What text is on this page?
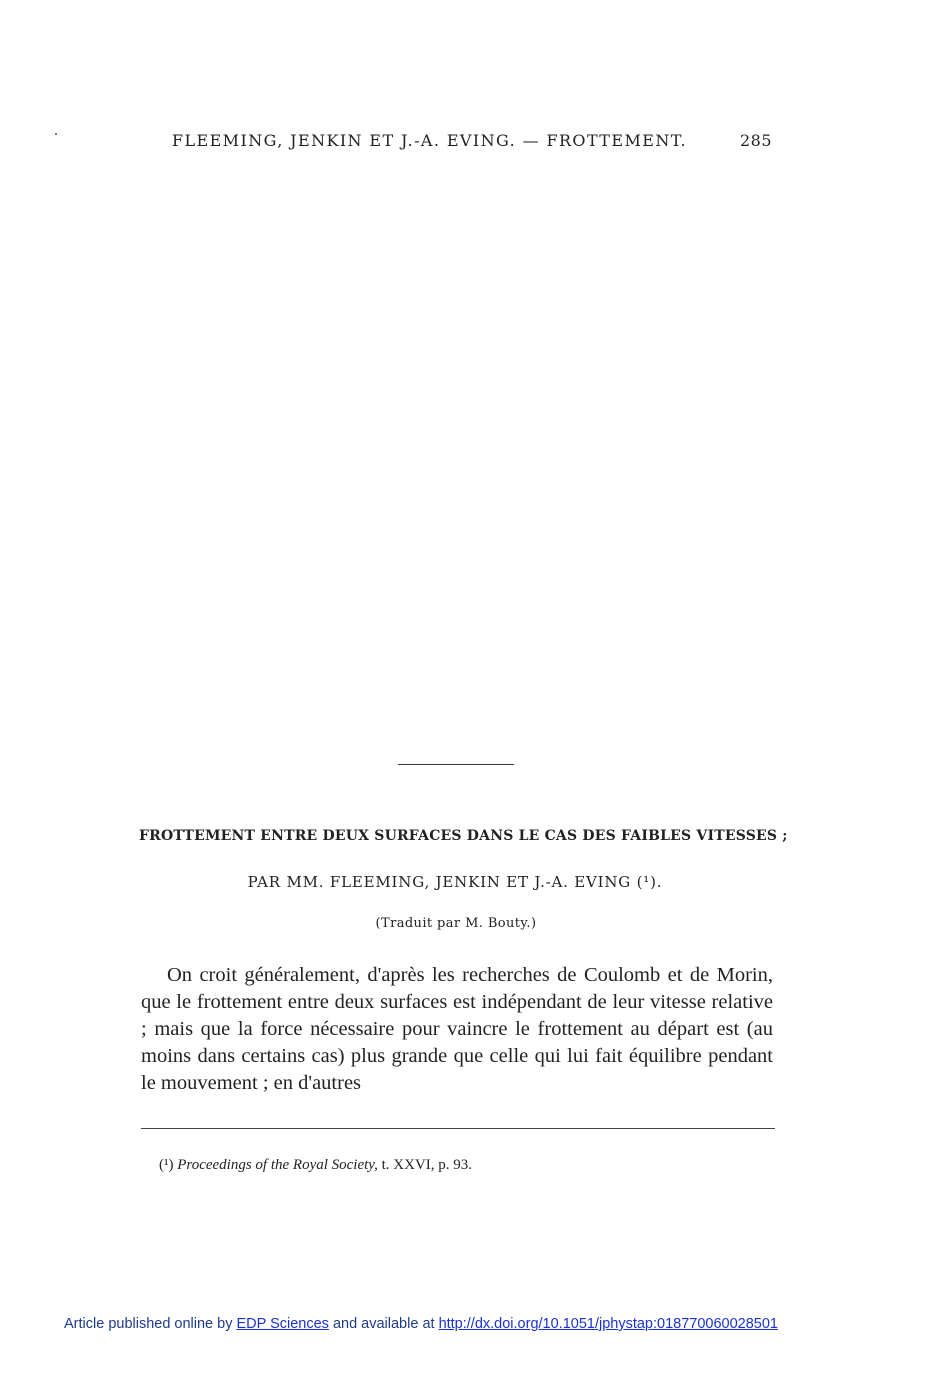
FLEEMING, JENKIN ET J.-A. EVING. — FROTTEMENT.	285
FROTTEMENT ENTRE DEUX SURFACES DANS LE CAS DES FAIBLES VITESSES ;
PAR MM. FLEEMING, JENKIN ET J.-A. EVING (¹).
(Traduit par M. Bouty.)

On croit généralement, d'après les recherches de Coulomb et de Morin, que le frottement entre deux surfaces est indépendant de leur vitesse relative ; mais que la force nécessaire pour vaincre le frottement au départ est (au moins dans certains cas) plus grande que celle qui lui fait équilibre pendant le mouvement ; en d'autres

(¹) Proceedings of the Royal Society, t. XXVI, p. 93.
Article published online by EDP Sciences and available at http://dx.doi.org/10.1051/jphystap:018770060028501
